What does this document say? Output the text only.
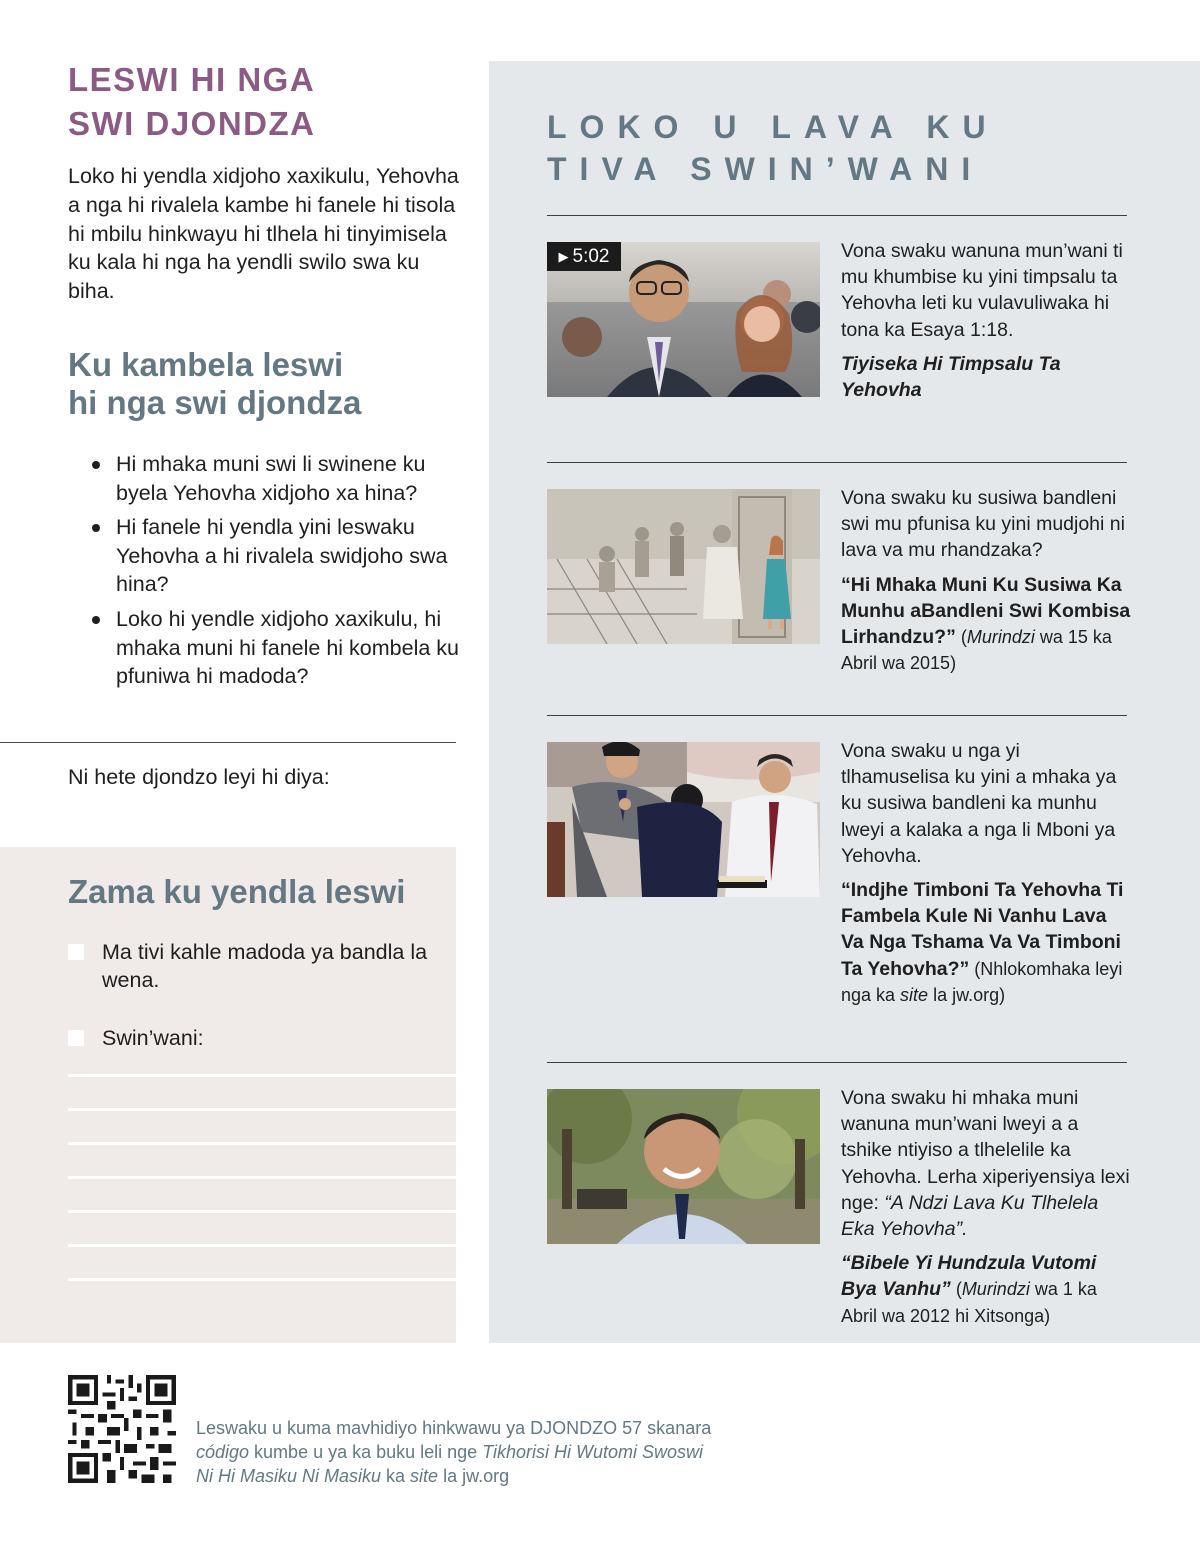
LESWI HI NGA
SWI DJONDZA

Loko hi yendla xidjoho xaxikulu, Yehovha a nga hi rivalela kambe hi fanele hi tisola hi mbilu hinkwayu hi tlhela hi tinyimisela ku kala hi nga ha yendli swilo swa ku biha.

Ku kambela leswi
hi nga swi djondza
Hi mhaka muni swi li swinene ku byela Yehovha xidjoho xa hina?
Hi fanele hi yendla yini leswaku Yehovha a hi rivalela swidjoho swa hina?
Loko hi yendle xidjoho xaxikulu, hi mhaka muni hi fanele hi kombela ku pfuniwa hi madoda?

Ni hete djondzo leyi hi diya:

Zama ku yendla leswi
Ma tivi kahle madoda ya bandla la wena.
Swin’wani:
LOKO U LAVA KU
TIVA SWIN’WANI
▶ 5:02	Vona swaku wanuna mun’wani ti mu khumbise ku yini timpsalu ta Yehovha leti ku vulavuliwaka hi tona ka Esaya 1:18.

Tiyiseka Hi Timpsalu Ta Yehovha

Vona swaku ku susiwa bandleni swi mu pfunisa ku yini mudjohi ni lava va mu rhandzaka?

“Hi Mhaka Muni Ku Susiwa Ka Munhu aBandleni Swi Kombisa Lirhandzu?” (Murindzi wa 15 ka Abril wa 2015)

Vona swaku u nga yi tlhamuselisa ku yini a mhaka ya ku susiwa bandleni ka munhu lweyi a kalaka a nga li Mboni ya Yehovha.

“Indjhe Timboni Ta Yehovha Ti Fambela Kule Ni Vanhu Lava Va Nga Tshama Va Va Timboni Ta Yehovha?” (Nhlokomhaka leyi nga ka site la jw.org)

Vona swaku hi mhaka muni wanuna mun’wani lweyi a a tshike ntiyiso a tlhelelile ka Yehovha. Lerha xiperiyensiya lexi nge: “A Ndzi Lava Ku Tlhelela Eka Yehovha”.

“Bibele Yi Hundzula Vutomi Bya Vanhu” (Murindzi wa 1 ka Abril wa 2012 hi Xitsonga)

Leswaku u kuma mavhidiyo hinkwawu ya DJONDZO 57 skanara código kumbe u ya ka buku leli nge Tikhorisi Hi Wutomi Swoswi Ni Hi Masiku Ni Masiku ka site la jw.org
